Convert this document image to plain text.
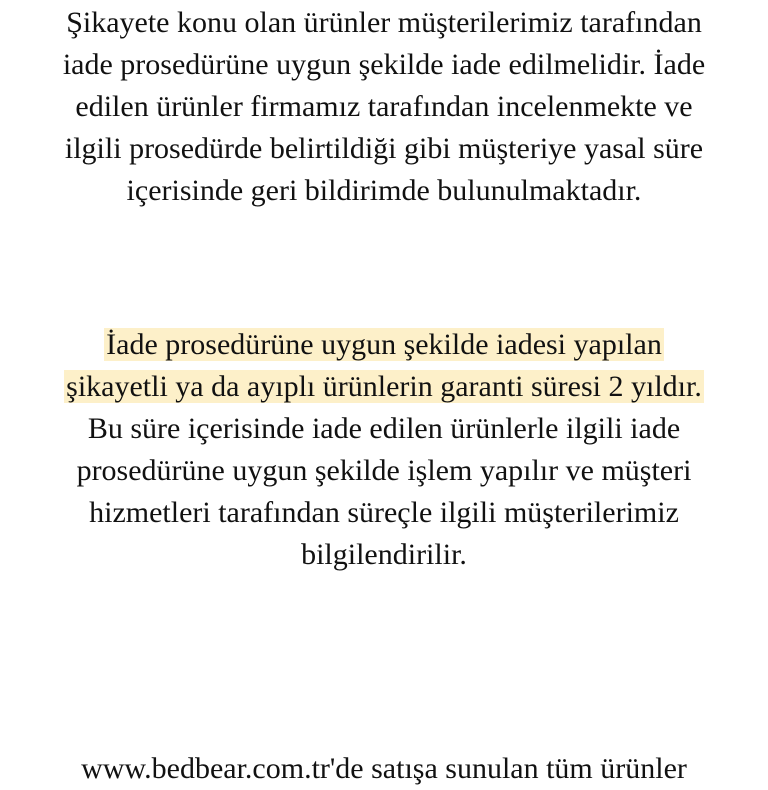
Şikayete konu olan ürünler müşterilerimiz tarafından
iade prosedürüne uygun şekilde iade edilmelidir. İade
edilen ürünler firmamız tarafından incelenmekte ve
ilgili prosedürde belirtildiği gibi müşteriye yasal süre
içerisinde geri bildirimde bulunulmaktadır.

İade prosedürüne uygun şekilde iadesi yapılan
şikayetli ya da ayıplı ürünlerin garanti süresi 2 yıldır.
Bu süre içerisinde iade edilen ürünlerle ilgili iade
prosedürüne uygun şekilde işlem yapılır ve müşteri
hizmetleri tarafından süreçle ilgili müşterilerimiz
bilgilendirilir.

www.bedbear.com.tr'de satışa sunulan tüm ürünler
